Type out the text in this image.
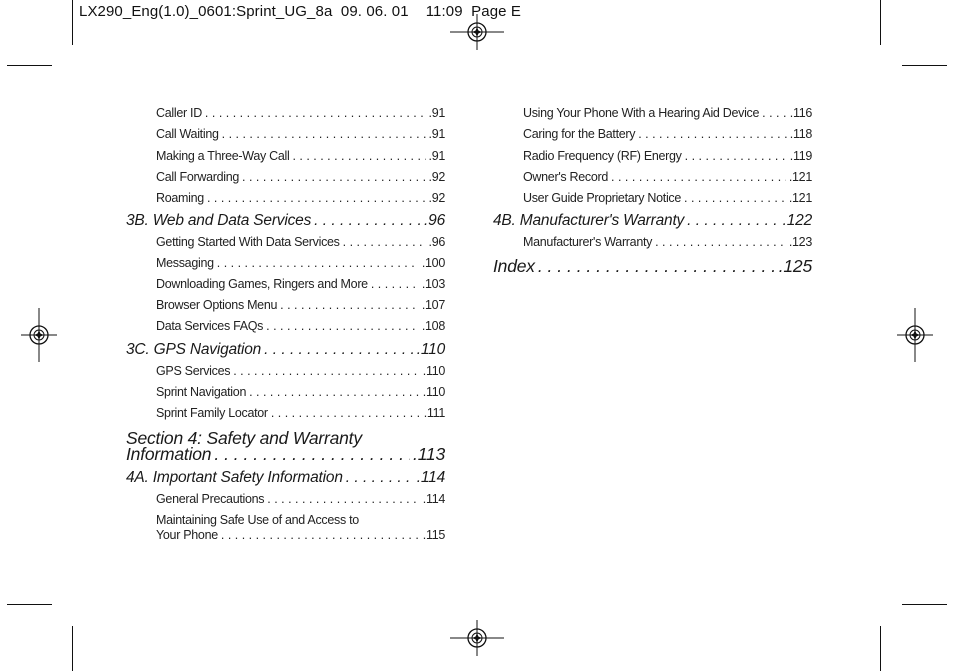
LX290_Eng(1.0)_0601:Sprint_UG_8a  09. 06. 01    11:09  Page E
Caller ID . . .	.91
Call Waiting . . .	.91
Making a Three-Way Call . . .	.91
Call Forwarding . . .	.92
Roaming . . .	.92
3B. Web and Data Services . . .	.96
Getting Started With Data Services . . .	.96
Messaging . . .	.100
Downloading Games, Ringers and More . . .	.103
Browser Options Menu . . .	.107
Data Services FAQs . . .	.108
3C. GPS Navigation . . .	.110
GPS Services . . .	.110
Sprint Navigation . . .	.110
Sprint Family Locator . . .	.111
Section 4: Safety and Warranty
Information . . .	.113
4A. Important Safety Information . . .	.114
General Precautions . . .	.114
Maintaining Safe Use of and Access to
Your Phone . . .	.115
Using Your Phone With a Hearing Aid Device . . . .116
Caring for the Battery . . .	.118
Radio Frequency (RF) Energy . . .	.119
Owner's Record . . .	.121
User Guide Proprietary Notice . . .	.121
4B. Manufacturer's Warranty . . .	.122
Manufacturer's Warranty . . .	.123
Index . . .	.125
